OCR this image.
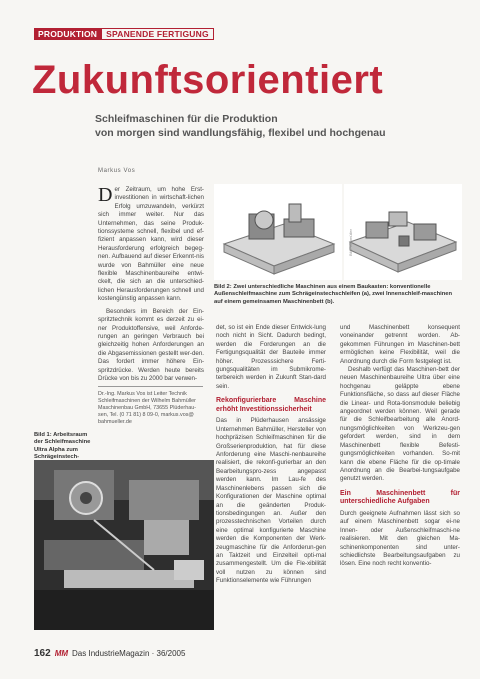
PRODUKTION	SPANENDE FERTIGUNG
Zukunftsorientiert
Schleifmaschinen für die Produktion
von morgen sind wandlungsfähig, flexibel und hochgenau
Markus Vos

Der Zeitraum, um hohe Erst-investitionen in wirtschaft-lichen Erfolg umzuwandeln, verkürzt sich immer weiter. Nur das Unternehmen, das seine Produk-tionssysteme schnell, flexibel und ef-fizient anpassen kann, wird dieser Herausforderung erfolgreich begeg-nen. Aufbauend auf dieser Erkennt-nis wurde von Bahmüller eine neue flexible Maschinenbaureihe entwi-ckelt, die sich an die unterschied-lichen Herausforderungen schnell und kostengünstig anpassen kann.

Besonders im Bereich der Ein-spritztechnik kommt es derzeit zu ei-ner Produktoffensive, weil Anforde-rungen an geringen Verbrauch bei gleichzeitig hohen Anforderungen an die Abgasemissionen gestellt wer-den. Das fordert immer höhere Ein-spritzdrücke. Werden heute bereits Drücke von bis zu 2000 bar verwen-

Dr.-Ing. Markus Vos ist Leiter Technik Schleifmaschinen der Wilhelm Bahmüller Maschinenbau GmbH, 73655 Plüderhau-sen, Tel. (0 71 81) 8 09-0, markus.vos@ bahmueller.de
Bild 1: Arbeitsraum der Schleifmaschine Ultra Alpha zum Schrägeinstech-
Bild: Bahmüller
Bild 2: Zwei unterschiedliche Maschinen aus einem Baukasten: konventionelle Außenschleifmaschine zum Schrägeinstechschleifen (a), zwei Innenschleif-maschinen auf einem gemeinsamen Maschinenbett (b).

det, so ist ein Ende dieser Entwick-lung noch nicht in Sicht. Dadurch bedingt, werden die Forderungen an die Fertigungsqualität der Bauteile immer höher. Prozesssichere Ferti-gungsqualitäten im Submikrome-terbereich werden in Zukunft Stan-dard sein.

Rekonfigurierbare Maschine erhöht Investitionssicherheit

Das in Plüderhausen ansässige Unternehmen Bahmüller, Hersteller von hochpräzisen Schleifmaschinen für die Großserienproduktion, hat für diese Anforderung eine Maschi-nenbaureihe realisiert, die rekonfi-gurierbar an den Bearbeitungspro-zess angepasst werden kann. Im Lau-fe des Maschinenlebens passen sich die Konfigurationen der Maschine optimal an die geänderten Produk-tionsbedingungen an. Außer den prozesstechnischen Vorteilen durch eine optimal konfigurierte Maschine werden die Komponenten der Werk-zeugmaschine für die Anforderun-gen an Taktzeit und Einzelteil opti-mal zusammengestellt. Um die Fle-xibilität voll nutzen zu können sind Funktionselemente wie Führungen

und Maschinenbett konsequent voneinander getrennt worden. Ab-gekommen Führungen im Maschinen-bett ermöglichen keine Flexibilität, weil die Anordnung durch die Form festgelegt ist.

Deshalb verfügt das Maschinen-bett der neuen Maschinenbaureihe Ultra über eine hochgenau geläppte ebene Funktionsfläche, so dass auf dieser Fläche die Linear- und Rota-tionsmodule beliebig angeordnet werden können. Weil gerade für die Schleifbearbeitung alle Anord-nungsmöglichkeiten von Werkzeu-gen gefordert werden, sind in dem Maschinenbett flexible Befesti-gungsmöglichkeiten vorhanden. So-mit kann die ebene Fläche für die op-timale Anordnung an die Bearbei-tungsaufgabe genutzt werden.

Ein Maschinenbett für unterschiedliche Aufgaben

Durch geeignete Aufnahmen lässt sich so auf einem Maschinenbett sogar ei-ne Innen- oder Außenschleifmaschi-ne realisieren. Mit den gleichen Ma-schinenkomponenten sind unter-schiedlichste Bearbeitungsaufgaben zu lösen. Eine noch recht konventio-

162 MM Das IndustrieMagazin · 36/2005
